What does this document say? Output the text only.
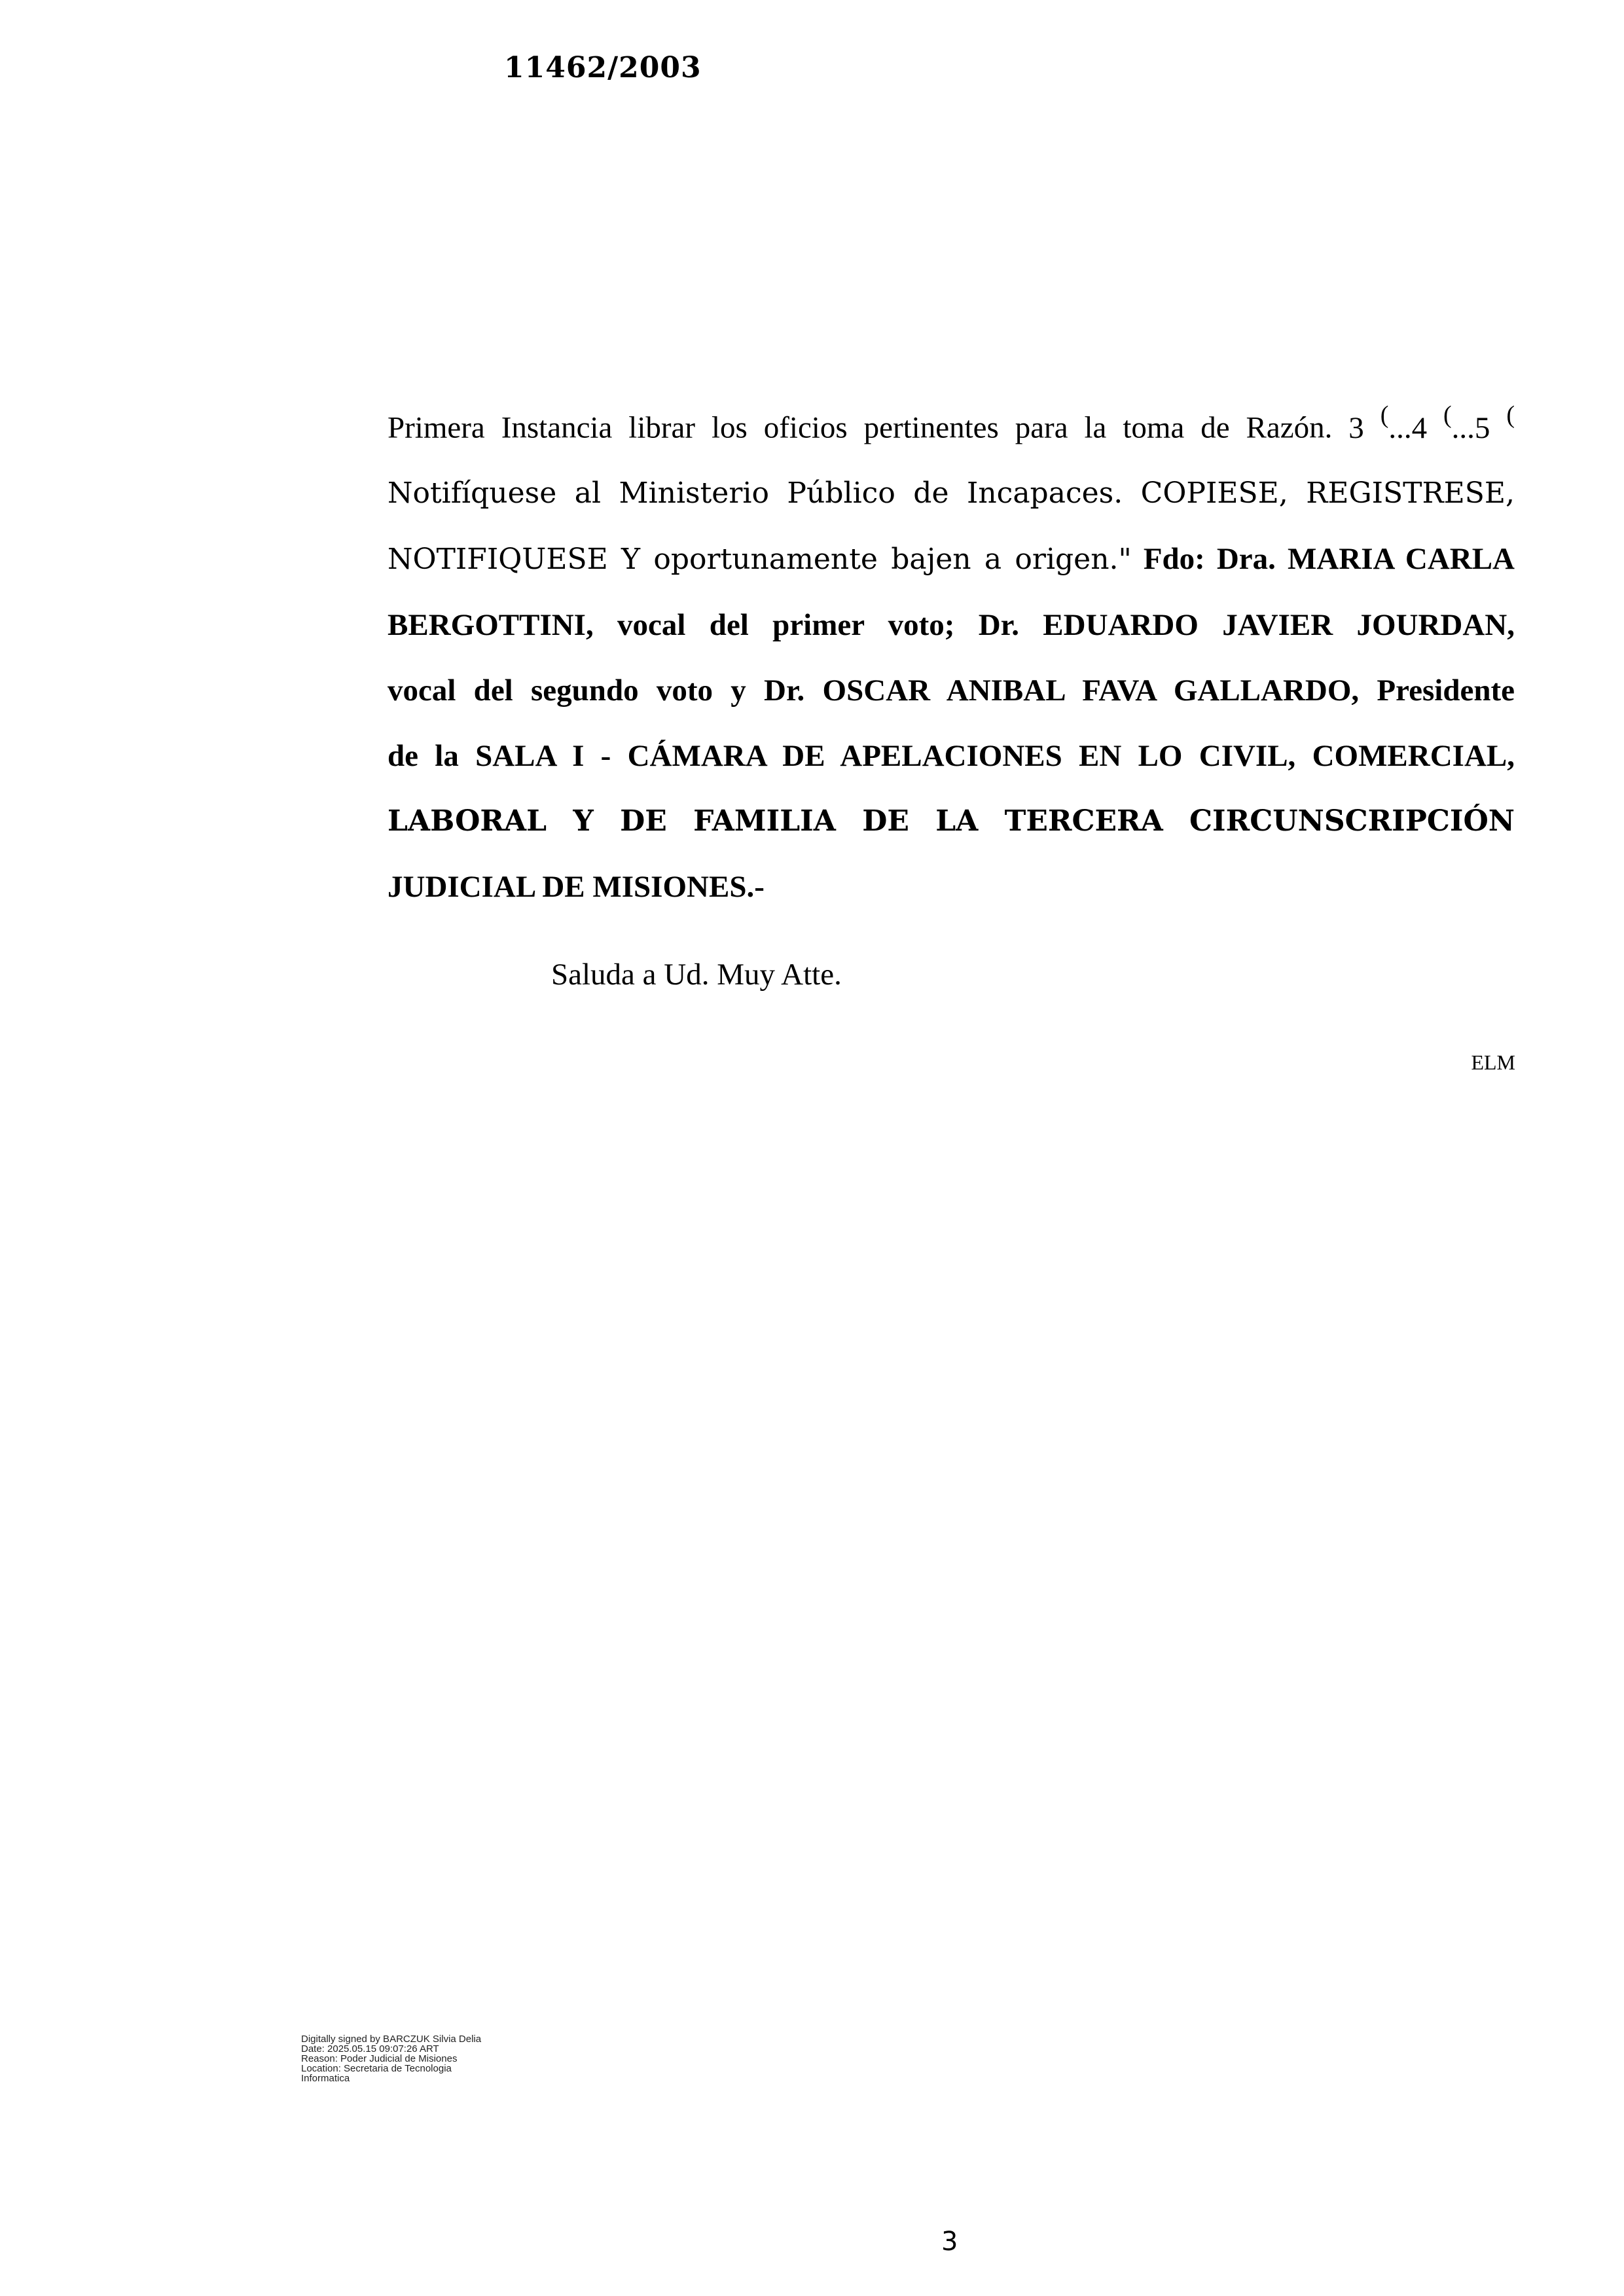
11462/2003
Primera Instancia librar los oficios pertinentes para la toma de Razón. 3 (...4 (...5 (
Notifíquese al Ministerio Público de Incapaces. COPIESE, REGISTRESE,
NOTIFIQUESE Y oportunamente bajen a origen." Fdo: Dra. MARIA CARLA
BERGOTTINI, vocal del primer voto; Dr. EDUARDO JAVIER JOURDAN,
vocal del segundo voto y Dr. OSCAR ANIBAL FAVA GALLARDO, Presidente
de la SALA I - CÁMARA DE APELACIONES EN LO CIVIL, COMERCIAL,
LABORAL Y DE FAMILIA DE LA TERCERA CIRCUNSCRIPCIÓN
JUDICIAL DE MISIONES.-
Saluda a Ud. Muy Atte.
ELM
Digitally signed by BARCZUK Silvia Delia
Date: 2025.05.15 09:07:26 ART
Reason: Poder Judicial de Misiones
Location: Secretaria de Tecnologia
Informatica
3
